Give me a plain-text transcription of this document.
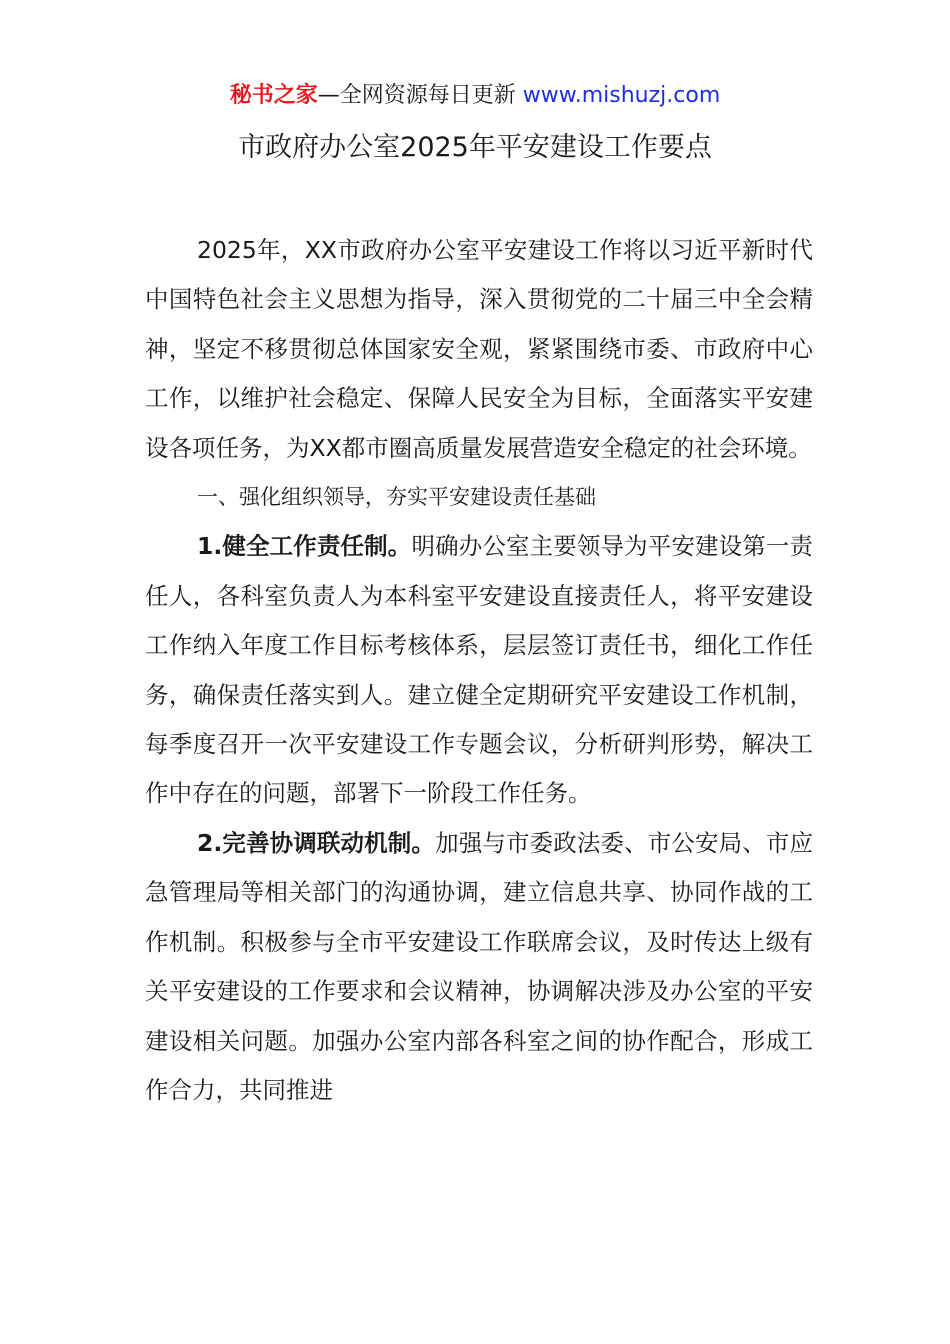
秘书之家—全网资源每日更新 www.mishuzj.com
市政府办公室2025年平安建设工作要点

2025年，XX市政府办公室平安建设工作将以习近平新时代中国特色社会主义思想为指导，深入贯彻党的二十届三中全会精神，坚定不移贯彻总体国家安全观，紧紧围绕市委、市政府中心工作，以维护社会稳定、保障人民安全为目标，全面落实平安建设各项任务，为XX都市圈高质量发展营造安全稳定的社会环境。

一、强化组织领导，夯实平安建设责任基础

1.健全工作责任制。明确办公室主要领导为平安建设第一责任人，各科室负责人为本科室平安建设直接责任人，将平安建设工作纳入年度工作目标考核体系，层层签订责任书，细化工作任务，确保责任落实到人。建立健全定期研究平安建设工作机制，每季度召开一次平安建设工作专题会议，分析研判形势，解决工作中存在的问题，部署下一阶段工作任务。

2.完善协调联动机制。加强与市委政法委、市公安局、市应急管理局等相关部门的沟通协调，建立信息共享、协同作战的工作机制。积极参与全市平安建设工作联席会议，及时传达上级有关平安建设的工作要求和会议精神，协调解决涉及办公室的平安建设相关问题。加强办公室内部各科室之间的协作配合，形成工作合力，共同推进
